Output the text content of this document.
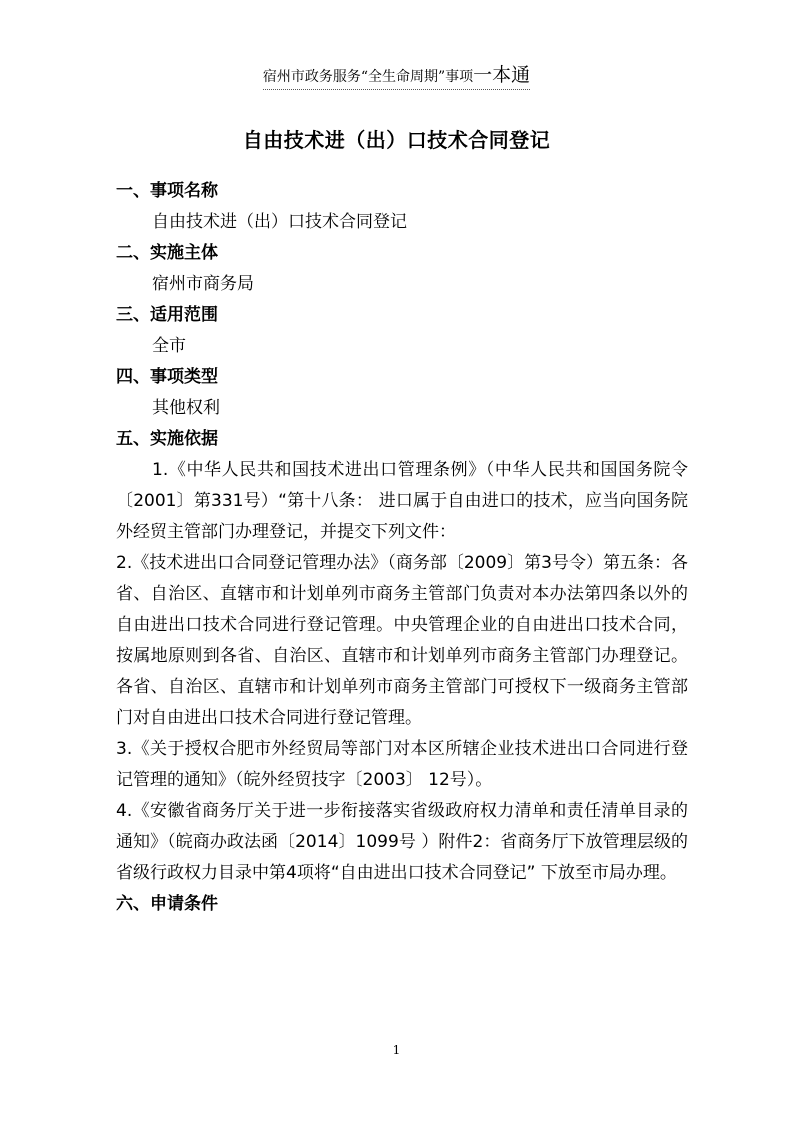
宿州市政务服务“全生命周期”事项一本通
自由技术进（出）口技术合同登记

一、事项名称

自由技术进（出）口技术合同登记

二、实施主体

宿州市商务局

三、适用范围

全市

四、事项类型

其他权利

五、实施依据

1.《中华人民共和国技术进出口管理条例》（中华人民共和国国务院令〔2001〕第331号）“第十八条： 进口属于自由进口的技术，应当向国务院外经贸主管部门办理登记，并提交下列文件：

2.《技术进出口合同登记管理办法》（商务部〔2009〕第3号令）第五条：各省、自治区、直辖市和计划单列市商务主管部门负责对本办法第四条以外的自由进出口技术合同进行登记管理。中央管理企业的自由进出口技术合同，按属地原则到各省、自治区、直辖市和计划单列市商务主管部门办理登记。各省、自治区、直辖市和计划单列市商务主管部门可授权下一级商务主管部门对自由进出口技术合同进行登记管理。

3.《关于授权合肥市外经贸局等部门对本区所辖企业技术进出口合同进行登记管理的通知》（皖外经贸技字〔2003〕 12号）。

4.《安徽省商务厅关于进一步衔接落实省级政府权力清单和责任清单目录的通知》（皖商办政法函〔2014〕1099号 ）附件2：省商务厅下放管理层级的省级行政权力目录中第4项将“自由进出口技术合同登记” 下放至市局办理。

六、申请条件

1
